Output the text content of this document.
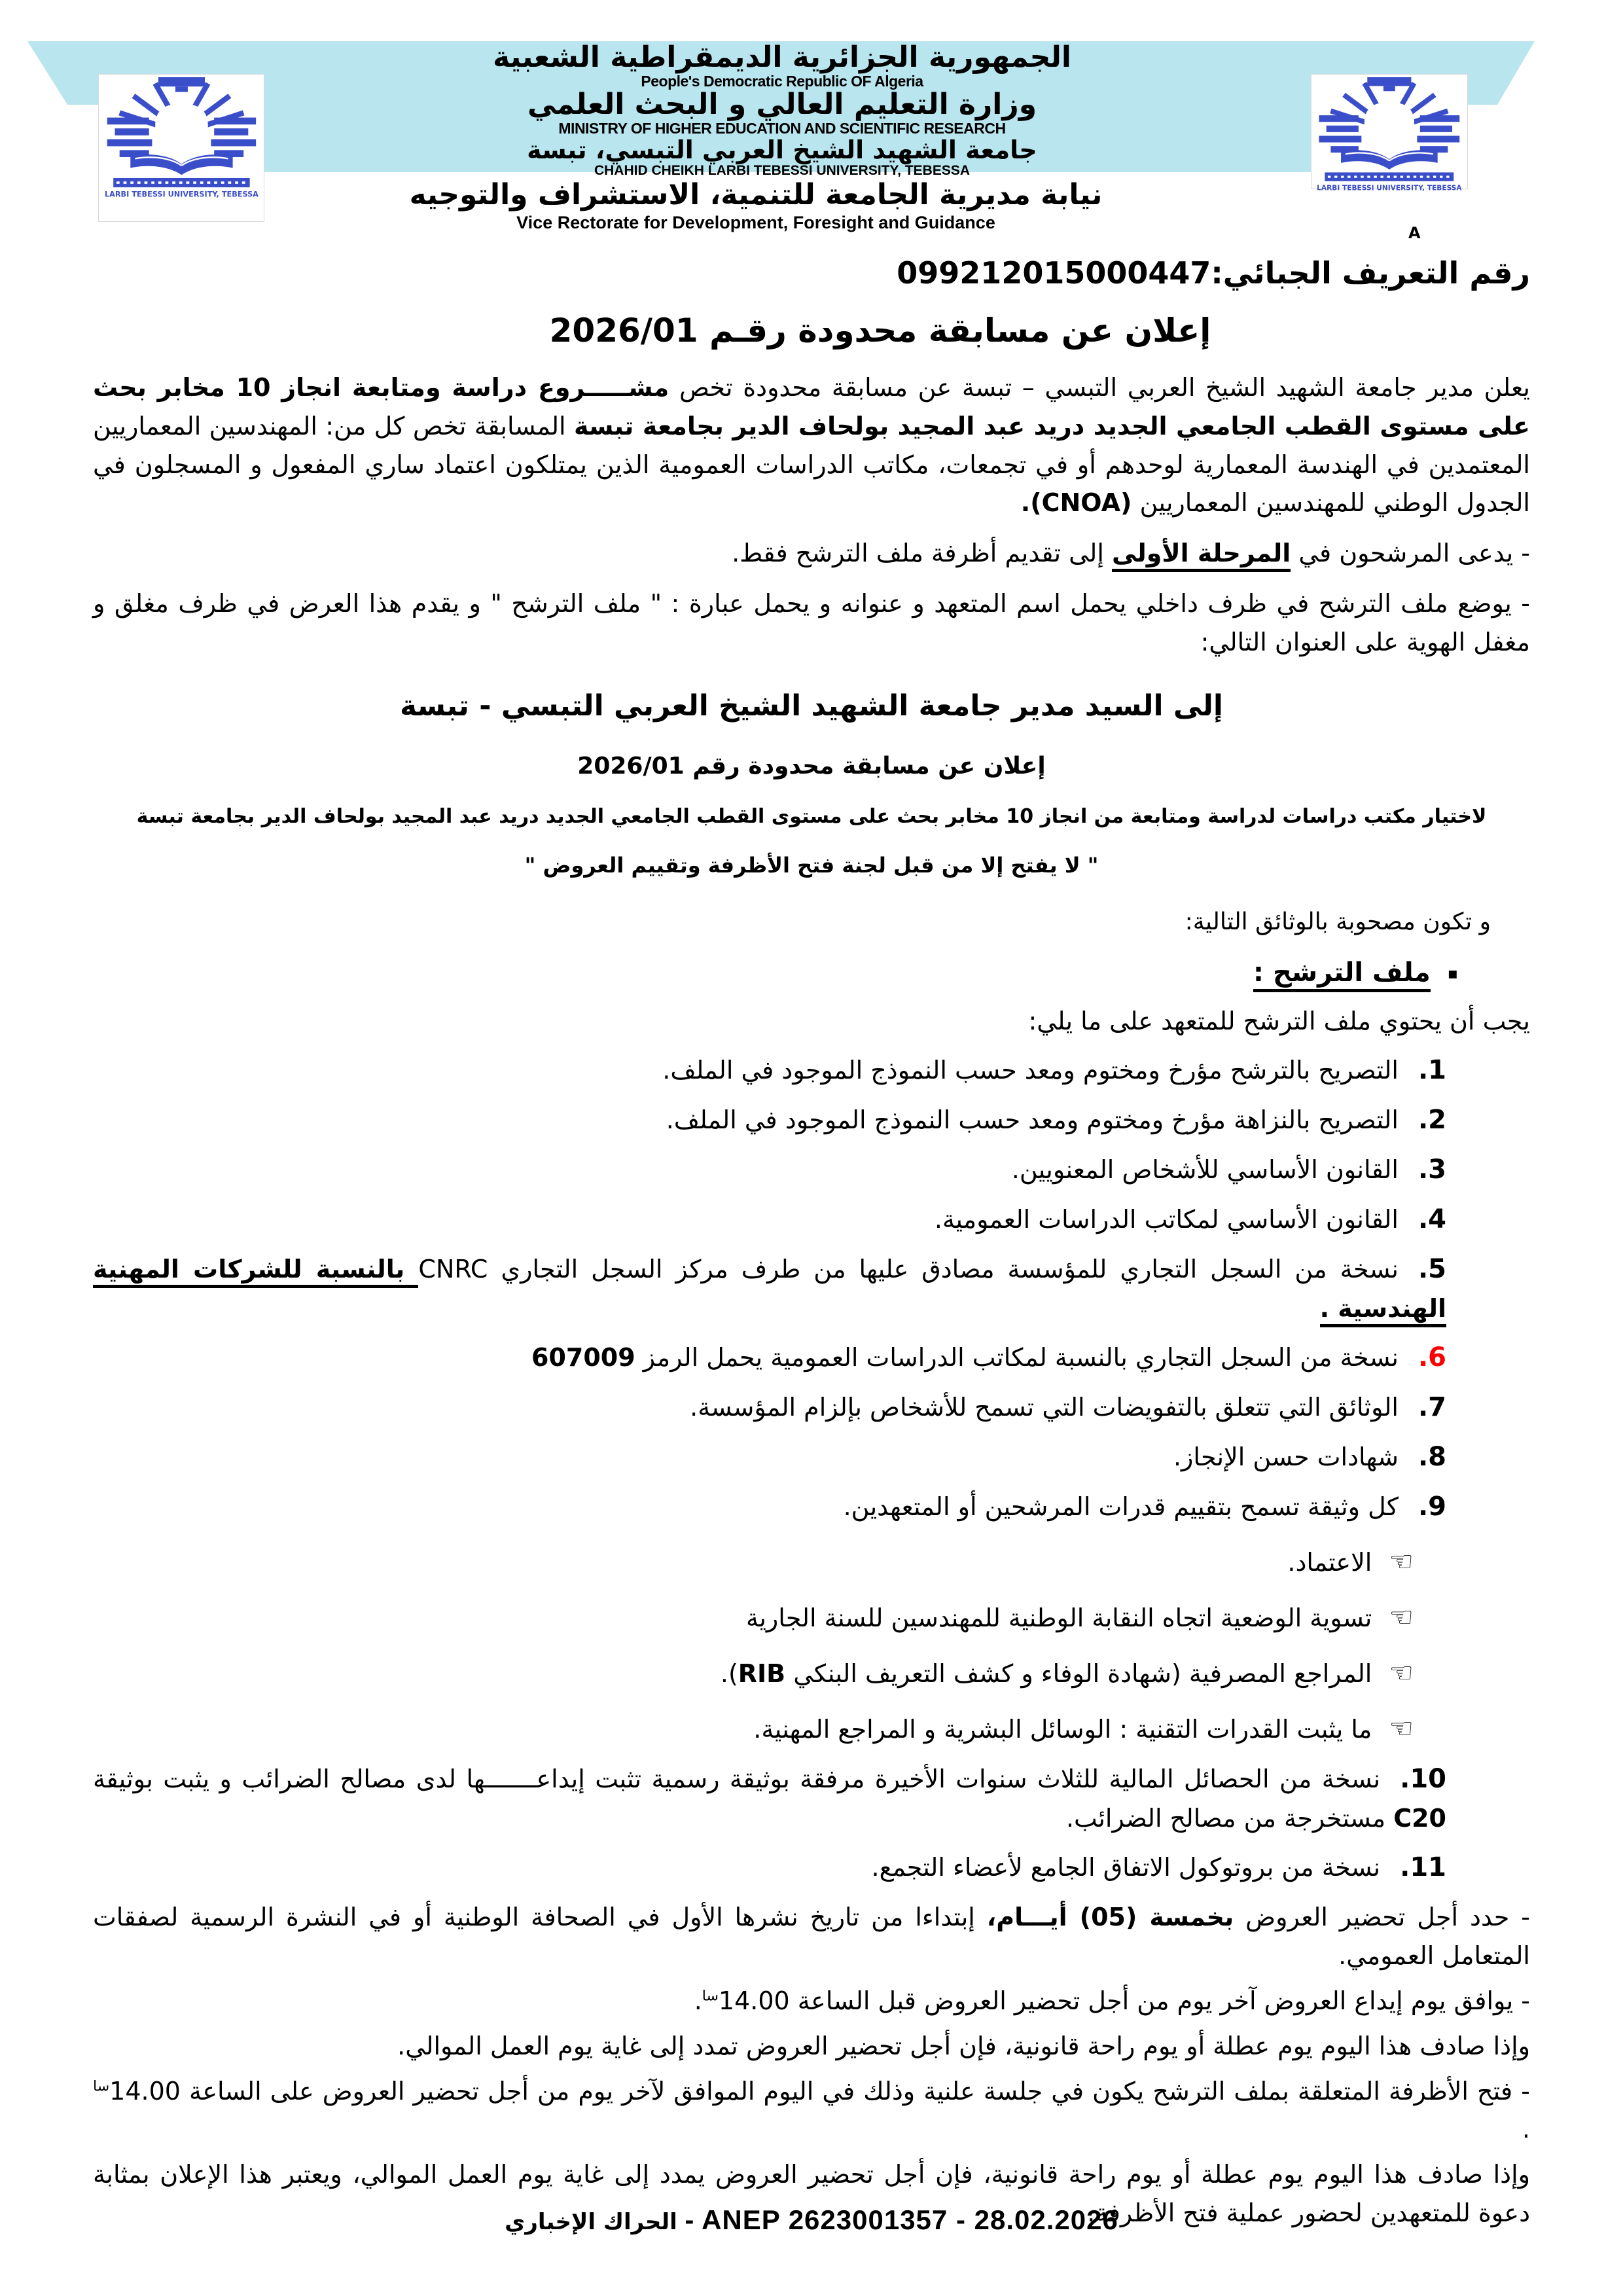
الجمهورية الجزائرية الديمقراطية الشعبية
People's Democratic Republic OF Algeria
وزارة التعليم العالي و البحث العلمي
MINISTRY OF HIGHER EDUCATION AND SCIENTIFIC RESEARCH
جامعة الشهيد الشيخ العربي التبسي، تبسة
CHAHID CHEIKH LARBI TEBESSI UNIVERSITY, TEBESSA
LARBI TEBESSI UNIVERSITY, TEBESSA
LARBI TEBESSI UNIVERSITY, TEBESSA
نيابة مديرية الجامعة للتنمية، الاستشراف والتوجيه
Vice Rectorate for Development, Foresight and Guidance
A
رقم التعريف الجبائي:099212015000447
إعلان عن مسابقة محدودة رقـم 2026/01
يعلن مدير جامعة الشهيد الشيخ العربي التبسي – تبسة عن مسابقة محدودة تخص مشـــــروع دراسة ومتابعة انجاز 10 مخابر بحث على مستوى القطب الجامعي الجديد دريد عبد المجيد بولحاف الدير بجامعة تبسة المسابقة تخص كل من: المهندسين المعماريين المعتمدين في الهندسة المعمارية لوحدهم أو في تجمعات، مكاتب الدراسات العمومية الذين يمتلكون اعتماد ساري المفعول و المسجلون في الجدول الوطني للمهندسين المعماريين (CNOA).
- يدعى المرشحون في المرحلة الأولى إلى تقديم أظرفة ملف الترشح فقط.
- يوضع ملف الترشح في ظرف داخلي يحمل اسم المتعهد و عنوانه و يحمل عبارة : " ملف الترشح " و يقدم هذا العرض في ظرف مغلق و مغفل الهوية على العنوان التالي:
إلى السيد مدير جامعة الشهيد الشيخ العربي التبسي - تبسة
إعلان عن مسابقة محدودة رقم 2026/01
لاختيار مكتب دراسات لدراسة ومتابعة من انجاز 10 مخابر بحث على مستوى القطب الجامعي الجديد دريد عبد المجيد بولحاف الدير بجامعة تبسة
" لا يفتح إلا من قبل لجنة فتح الأظرفة وتقييم العروض "
و تكون مصحوبة بالوثائق التالية:
▪ملف الترشح :
يجب أن يحتوي ملف الترشح للمتعهد على ما يلي:
1.التصريح بالترشح مؤرخ ومختوم ومعد حسب النموذج الموجود في الملف.
2.التصريح بالنزاهة مؤرخ ومختوم ومعد حسب النموذج الموجود في الملف.
3.القانون الأساسي للأشخاص المعنويين.
4.القانون الأساسي لمكاتب الدراسات العمومية.
5.نسخة من السجل التجاري للمؤسسة مصادق عليها من طرف مركز السجل التجاري CNRC بالنسبة للشركات المهنية الهندسية .
6.نسخة من السجل التجاري بالنسبة لمكاتب الدراسات العمومية يحمل الرمز 607009
7.الوثائق التي تتعلق بالتفويضات التي تسمح للأشخاص بإلزام المؤسسة.
8.شهادات حسن الإنجاز.
9.كل وثيقة تسمح بتقييم قدرات المرشحين أو المتعهدين.
☜الاعتماد.
☜تسوية الوضعية اتجاه النقابة الوطنية للمهندسين للسنة الجارية
☜المراجع المصرفية (شهادة الوفاء و كشف التعريف البنكي RIB).
☜ما يثبت القدرات التقنية : الوسائل البشرية و المراجع المهنية.
10.نسخة من الحصائل المالية للثلاث سنوات الأخيرة مرفقة بوثيقة رسمية تثبت إيداعـــــــها لدى مصالح الضرائب و يثبت بوثيقة C20 مستخرجة من مصالح الضرائب.
11.نسخة من بروتوكول الاتفاق الجامع لأعضاء التجمع.
- حدد أجل تحضير العروض بخمسة (05) أيـــام، إبتداءا من تاريخ نشرها الأول في الصحافة الوطنية أو في النشرة الرسمية لصفقات المتعامل العمومي.
- يوافق يوم إيداع العروض آخر يوم من أجل تحضير العروض قبل الساعة $14.00^{سا}$.
وإذا صادف هذا اليوم يوم عطلة أو يوم راحة قانونية، فإن أجل تحضير العروض تمدد إلى غاية يوم العمل الموالي.
- فتح الأظرفة المتعلقة بملف الترشح يكون في جلسة علنية وذلك في اليوم الموافق لآخر يوم من أجل تحضير العروض على الساعة $14.00^{سا}$ .
وإذا صادف هذا اليوم يوم عطلة أو يوم راحة قانونية، فإن أجل تحضير العروض يمدد إلى غاية يوم العمل الموالي، ويعتبر هذا الإعلان بمثابة دعوة للمتعهدين لحضور عملية فتح الأظرفة.
الحراك الإخباري - ANEP 2623001357 - 28.02.2026
